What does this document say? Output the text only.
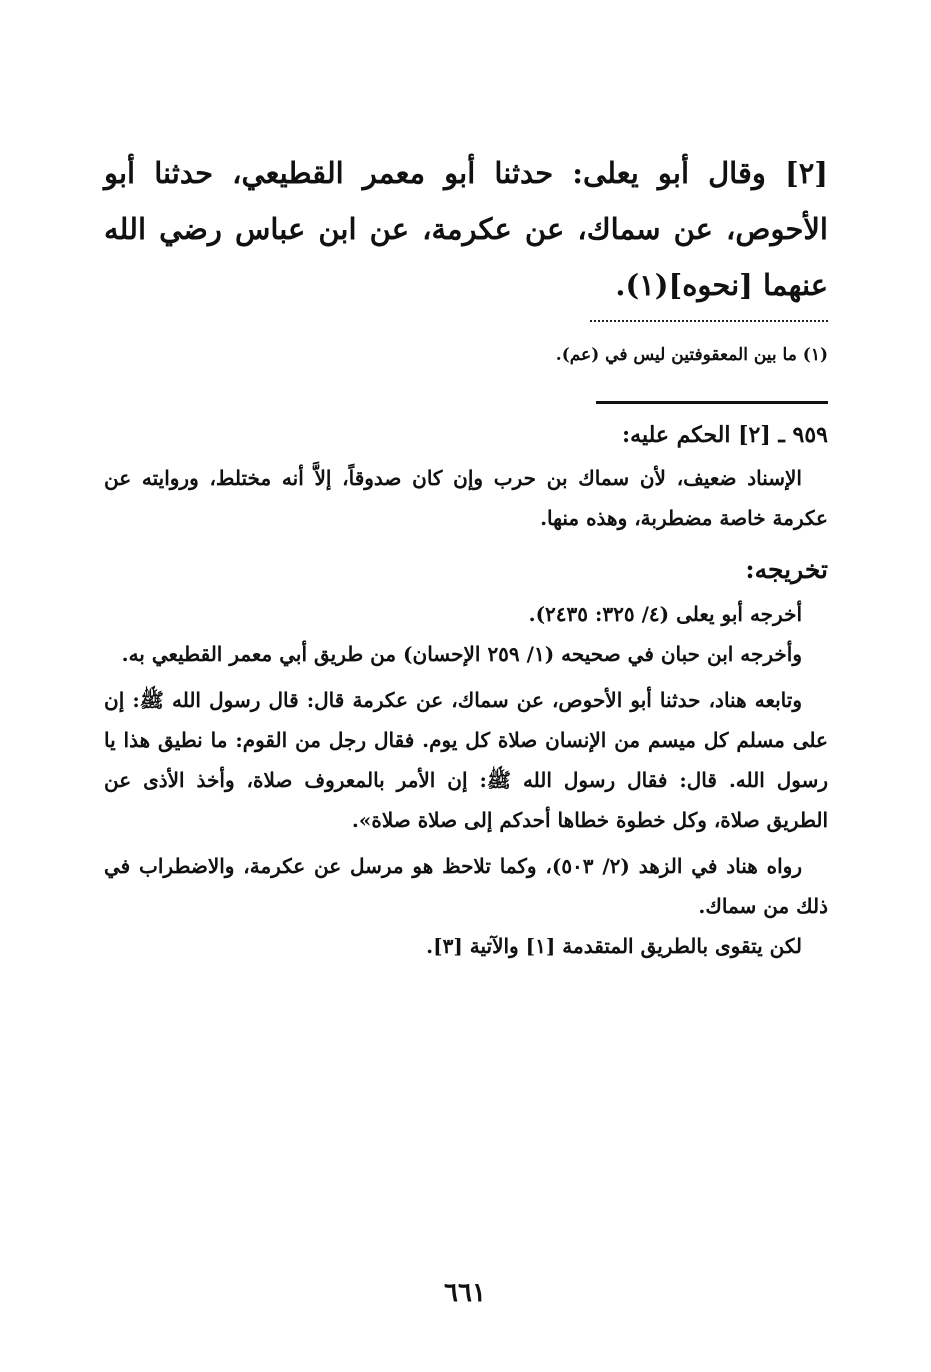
[٢] وقال أبو يعلى: حدثنا أبو معمر القطيعي، حدثنا أبو الأحوص، عن سماك، عن عكرمة، عن ابن عباس رضي الله عنهما [نحوه](١).

(١) ما بين المعقوفتين ليس في (عم).
٩٥٩ ـ [٢] الحكم عليه:

الإسناد ضعيف، لأن سماك بن حرب وإن كان صدوقاً، إلاَّ أنه مختلط، وروايته عن عكرمة خاصة مضطربة، وهذه منها.

تخريجه:

أخرجه أبو يعلى (٤/ ٣٢٥: ٢٤٣٥).

وأخرجه ابن حبان في صحيحه (١/ ٢٥٩ الإحسان) من طريق أبي معمر القطيعي به.

وتابعه هناد، حدثنا أبو الأحوص، عن سماك، عن عكرمة قال: قال رسول الله ﷺ: إن على مسلم كل ميسم من الإنسان صلاة كل يوم. فقال رجل من القوم: ما نطيق هذا يا رسول الله. قال: فقال رسول الله ﷺ: إن الأمر بالمعروف صلاة، وأخذ الأذى عن الطريق صلاة، وكل خطوة خطاها أحدكم إلى صلاة صلاة».

رواه هناد في الزهد (٢/ ٥٠٣)، وكما تلاحظ هو مرسل عن عكرمة، والاضطراب في ذلك من سماك.

لكن يتقوى بالطريق المتقدمة [١] والآتية [٣].

٦٦١
